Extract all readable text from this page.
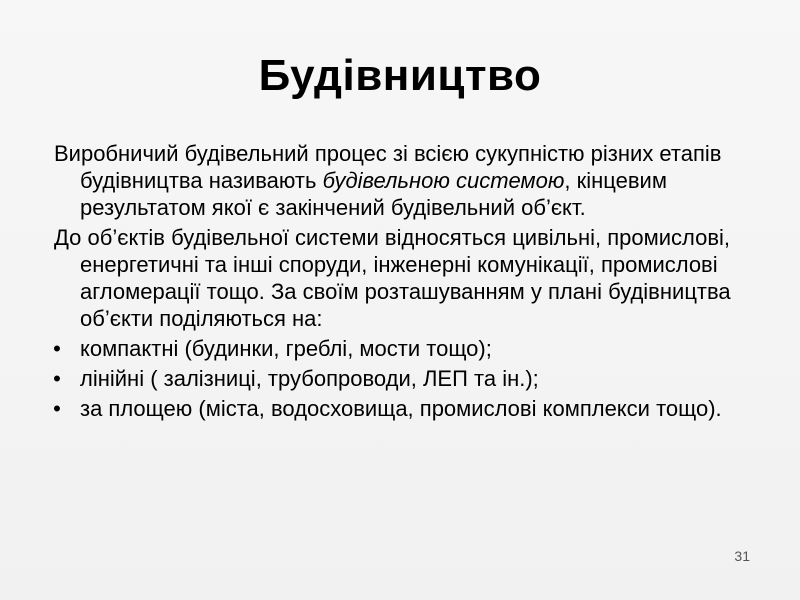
Будівництво

Виробничий будівельний процес зі всією сукупністю різних етапів будівництва називають будівельною системою, кінцевим результатом якої є закінчений будівельний об’єкт.

До об’єктів будівельної системи відносяться цивільні, промислові, енергетичні та інші споруди, інженерні комунікації, промислові агломерації тощо. За своїм розташуванням у плані будівництва об’єкти поділяються на:

• компактні (будинки, греблі, мости тощо);
• лінійні ( залізниці, трубопроводи, ЛЕП та ін.);
• за площею (міста, водосховища, промислові комплекси тощо).
31
